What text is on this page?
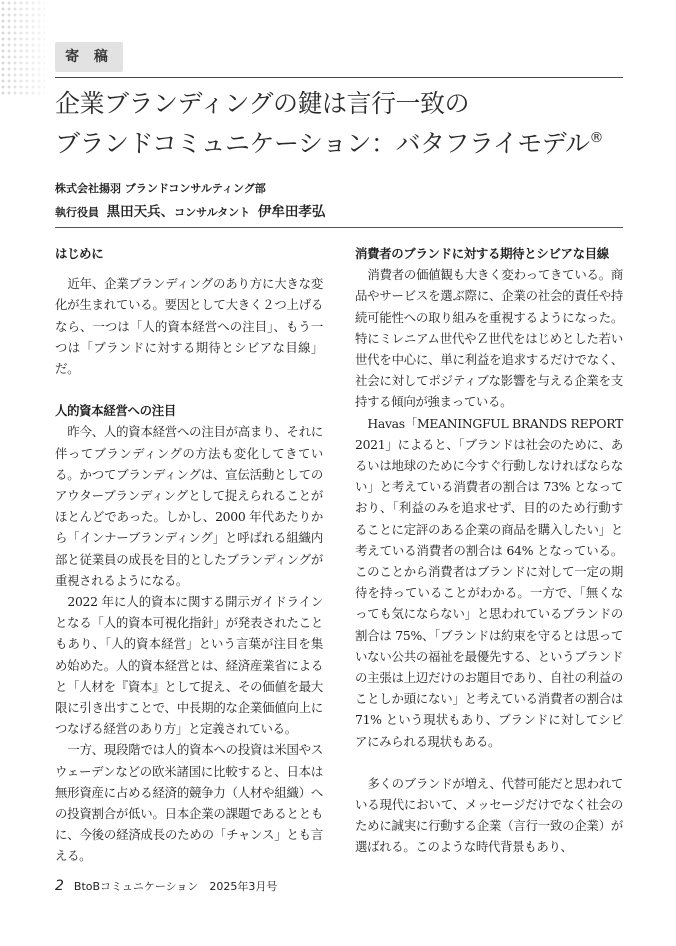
寄 稿
企業ブランディングの鍵は言行一致の
ブランドコミュニケーション：バタフライモデル®
株式会社揚羽 ブランドコンサルティング部
執行役員 黒田天兵、コンサルタント 伊牟田孝弘

はじめに

近年、企業ブランディングのあり方に大きな変化が生まれている。要因として大きく２つ上げるなら、一つは「人的資本経営への注目」、もう一つは「ブランドに対する期待とシビアな目線」だ。

人的資本経営への注目

昨今、人的資本経営への注目が高まり、それに伴ってブランディングの方法も変化してきている。かつてブランディングは、宣伝活動としてのアウターブランディングとして捉えられることがほとんどであった。しかし、2000 年代あたりから「インナーブランディング」と呼ばれる組織内部と従業員の成長を目的としたブランディングが重視されるようになる。

2022 年に人的資本に関する開示ガイドラインとなる「人的資本可視化指針」が発表されたこともあり、「人的資本経営」という言葉が注目を集め始めた。人的資本経営とは、経済産業省によると「人材を『資本』として捉え、その価値を最大限に引き出すことで、中長期的な企業価値向上につなげる経営のあり方」と定義されている。

一方、現段階では人的資本への投資は米国やスウェーデンなどの欧米諸国に比較すると、日本は無形資産に占める経済的競争力（人材や組織）への投資割合が低い。日本企業の課題であるとともに、今後の経済成長のための「チャンス」とも言える。

消費者のブランドに対する期待とシビアな目線

消費者の価値観も大きく変わってきている。商品やサービスを選ぶ際に、企業の社会的責任や持続可能性への取り組みを重視するようになった。特にミレニアム世代やＺ世代をはじめとした若い世代を中心に、単に利益を追求するだけでなく、社会に対してポジティブな影響を与える企業を支持する傾向が強まっている。

Havas「MEANINGFUL BRANDS REPORT 2021」によると、「ブランドは社会のために、あるいは地球のために今すぐ行動しなければならない」と考えている消費者の割合は 73% となっており、「利益のみを追求せず、目的のため行動することに定評のある企業の商品を購入したい」と考えている消費者の割合は 64% となっている。このことから消費者はブランドに対して一定の期待を持っていることがわかる。一方で、「無くなっても気にならない」と思われているブランドの割合は 75%、「ブランドは約束を守るとは思っていない公共の福祉を最優先する、というブランドの主張は上辺だけのお題目であり、自社の利益のことしか頭にない」と考えている消費者の割合は 71% という現状もあり、ブランドに対してシビアにみられる現状もある。

多くのブランドが増え、代替可能だと思われている現代において、メッセージだけでなく社会のために誠実に行動する企業（言行一致の企業）が選ばれる。このような時代背景もあり、

2 BtoBコミュニケーション　2025年3月号
